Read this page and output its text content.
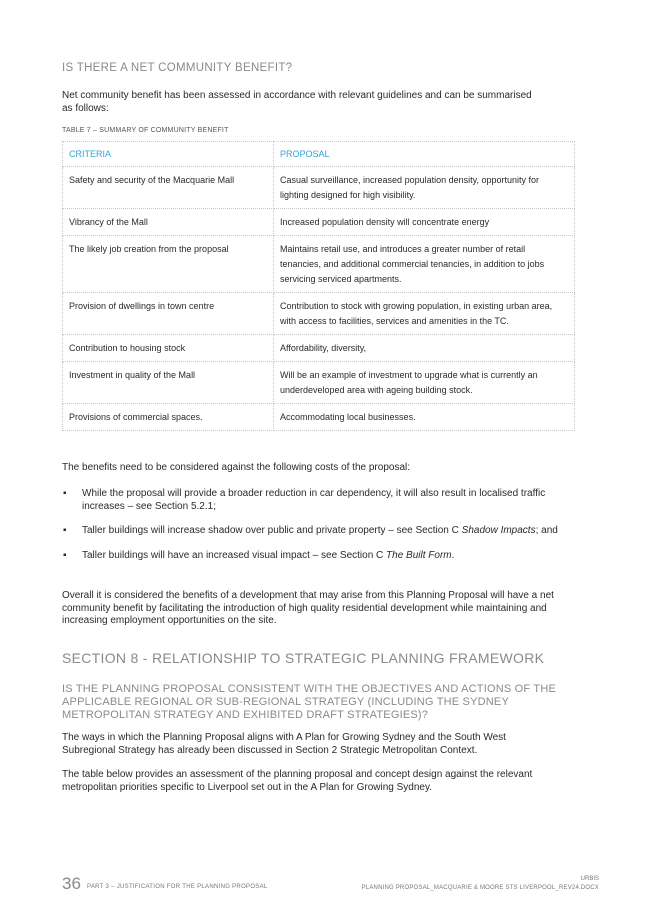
IS THERE A NET COMMUNITY BENEFIT?
Net community benefit has been assessed in accordance with relevant guidelines and can be summarised as follows:
TABLE 7 – SUMMARY OF COMMUNITY BENEFIT
CRITERIA	PROPOSAL
Safety and security of the Macquarie Mall	Casual surveillance, increased population density, opportunity for lighting designed for high visibility.
Vibrancy of the Mall	Increased population density will concentrate energy
The likely job creation from the proposal	Maintains retail use, and introduces a greater number of retail tenancies, and additional commercial tenancies, in addition to jobs servicing serviced apartments.
Provision of dwellings in town centre	Contribution to stock with growing population, in existing urban area, with access to facilities, services and amenities in the TC.
Contribution to housing stock	Affordability, diversity,
Investment in quality of the Mall	Will be an example of investment to upgrade what is currently an underdeveloped area with ageing building stock.
Provisions of commercial spaces.	Accommodating local businesses.
The benefits need to be considered against the following costs of the proposal:
▪ While the proposal will provide a broader reduction in car dependency, it will also result in localised traffic increases – see Section 5.2.1;
▪ Taller buildings will increase shadow over public and private property – see Section C Shadow Impacts; and
▪ Taller buildings will have an increased visual impact – see Section C The Built Form.
Overall it is considered the benefits of a development that may arise from this Planning Proposal will have a net community benefit by facilitating the introduction of high quality residential development while maintaining and increasing employment opportunities on the site.
SECTION 8 - RELATIONSHIP TO STRATEGIC PLANNING FRAMEWORK
IS THE PLANNING PROPOSAL CONSISTENT WITH THE OBJECTIVES AND ACTIONS OF THE APPLICABLE REGIONAL OR SUB-REGIONAL STRATEGY (INCLUDING THE SYDNEY METROPOLITAN STRATEGY AND EXHIBITED DRAFT STRATEGIES)?
The ways in which the Planning Proposal aligns with A Plan for Growing Sydney and the South West Subregional Strategy has already been discussed in Section 2 Strategic Metropolitan Context.
The table below provides an assessment of the planning proposal and concept design against the relevant metropolitan priorities specific to Liverpool set out in the A Plan for Growing Sydney.
36 PART 3 – JUSTIFICATION FOR THE PLANNING PROPOSAL
URBIS
PLANNING PROPOSAL_MACQUARIE & MOORE STS LIVERPOOL_REV24.DOCX
